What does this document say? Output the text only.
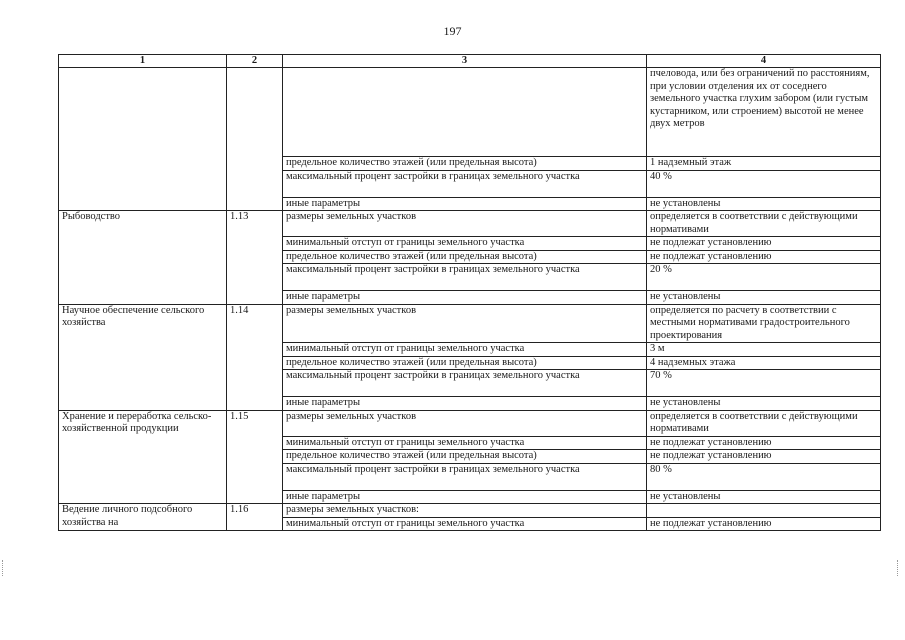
197
1	2	3	4
			пчеловода, или без ограничений по расстояниям, при условии отделения их от соседнего земельного участка глухим забором (или густым кустарником, или строением) высотой не менее двух метров
		предельное количество этажей (или предельная высота)	1 надземный этаж
		максимальный процент застройки в границах земельного участка	40 %
		иные параметры	не установлены
Рыбоводство	1.13	размеры земельных участков	определяется в соответствии с действующими нормативами
		минимальный отступ от границы земельного участка	не подлежат установлению
		предельное количество этажей (или предельная высота)	не подлежат установлению
		максимальный процент застройки в границах земельного участка	20 %
		иные параметры	не установлены
Научное обеспечение сельского хозяйства	1.14	размеры земельных участков	определяется по расчету в соответствии с местными нормативами градостроительного проектирования
		минимальный отступ от границы земельного участка	3 м
		предельное количество этажей (или предельная высота)	4 надземных этажа
		максимальный процент застройки в границах земельного участка	70 %
		иные параметры	не установлены
Хранение и переработка сельско-хозяйственной продукции	1.15	размеры земельных участков	определяется в соответствии с действующими нормативами
		минимальный отступ от границы земельного участка	не подлежат установлению
		предельное количество этажей (или предельная высота)	не подлежат установлению
		максимальный процент застройки в границах земельного участка	80 %
		иные параметры	не установлены
Ведение личного подсобного хозяйства на	1.16	размеры земельных участков:	
		минимальный отступ от границы земельного участка	не подлежат установлению
